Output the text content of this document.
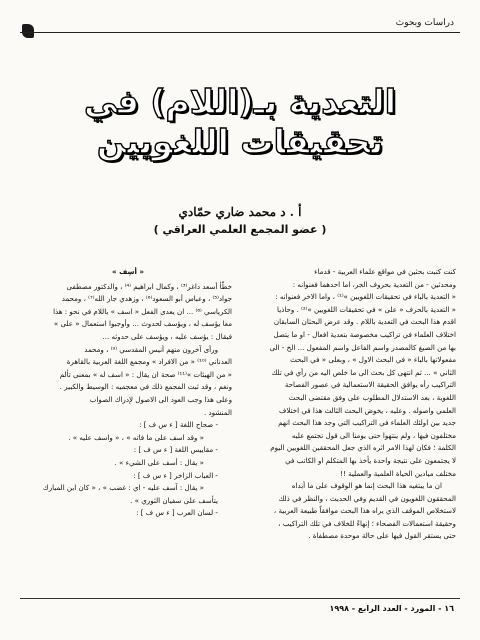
دراسات وبحوث
التعدية بـ(اللام) في
تحقيقات اللغويين
أ . د محمد ضاري حمّادي
( عضو المجمع العلمي العراقي )

كنت كتبت بحثين في مواقع علماء العربية - قدماء

ومحدثين - من التعدية بحروف الجر، اما احدهما فعنوانه :

« التعدية بالباء في تحقيقات اللغويين »⁽¹⁾ ، واما الاخر فعنوانه :

« التعدية بالحرف « على » في تحقيقات اللغويين »⁽²⁾ . وحاذيا

اقدم هذا البحث في التعدية باللام . وقد عرض البحثان السابقان

اختلاف العلماء في تراكيب مخصوصة بتعدية افعال - او ما يتصل

بها من الصيغ كالمصدر واسم الفاعل واسم المفعول ... الخ - الى

مفعولاتها بالباء « في البحث الاول » ، وبعلى « في البحث

الثاني » ... ثم انتهى كل بحث الى ما خلص اليه من رأي في تلك

التراكيب رأه يوافق الحقيقة الاستعمالية في عصور الفصاحة

اللغوية ، بعد الاستدلال المطلوب على وفق مقتضى البحث

العلمي واصوله . وعليه ، يخوض البحث الثالث هذا في اختلاف

جديد بين اولئك العلماء في التراكيب التي وجد هذا البحث انهم

مختلفون فيها ، ولم ينتهوا حتى يومنا الى قول تجتمع عليه

الكلمة ؛ فكان لهذا الامر اثره الذي جعل المحققين اللغويين اليوم

لا يجتمعون على نتيجة واحدة يأخذ بها المتكلم او الكاتب في

مختلف ميادين الحياة العلمية والعملية !!

ان ما يبتغيه هذا البحث إنما هو الوقوف على ما أبداه

المحققون اللغويون في القديم وفي الحديث ، والنظر في ذلك

لاستخلاص الموقف الذي يراه هذا البحث موافقاً طبيعة العربية ،

وحقيقة استعمالات الفصحاء ؛ إنهاءً للخلاف في تلك التراكيب ،

حتى يستقر القول فيها على حالة موحدة مصطفاة .

« أسِف »

خطّأ أسعد داغر⁽³⁾ ، وكمال ابراهيم ⁽⁴⁾ ، والدكتور مصطفى

جواد⁽⁵⁾ ، وعباس أبو السعود⁽⁶⁾ ، وزهدي جار الله⁽⁷⁾ ، ومحمد

الكرياسي ⁽⁸⁾ ... ان يعدى الفعل « اسف » باللام في نحو : هذا

معا يؤسف له ، ويؤسف لحدوث ... وأوجبوا استعمال « على »

فيقال : يؤسف عليه ، ويؤسف على حدوثه ...

ورأى آخرون منهم أنيس المقدسي ⁽⁹⁾ ، ومحمد

العدناني ⁽¹⁰⁾ « من الافراد » ومجمع اللغة العربية بالقاهرة

« من الهيئات »⁽¹¹⁾ صحة ان يقال : « اسف له » بمعنى تألم

ونغم ، وقد ثبت المجمع ذلك في معجميه : الوسيط والكبير .

وعلى هذا وجب العود الى الاصول لإدراك الصواب

المنشود .

- صحاح اللغة [ ء س ف ] :

« وقد اسف على ما فاته » ، « واسف عليه » .

- مقاييس اللغة [ ء س ف ] :

« يقال : أسف على الشيء » .

- العباب الزاخر [ ء س ف ] :

« يقال : آسف عليه - اي : غضب » ، « كان ابن المبارك

يتأسف على سفيان الثوري » .

- لسان العرب [ ء س ف ] :

١٦ - المورد - العدد الرابع - ١٩٩٨
